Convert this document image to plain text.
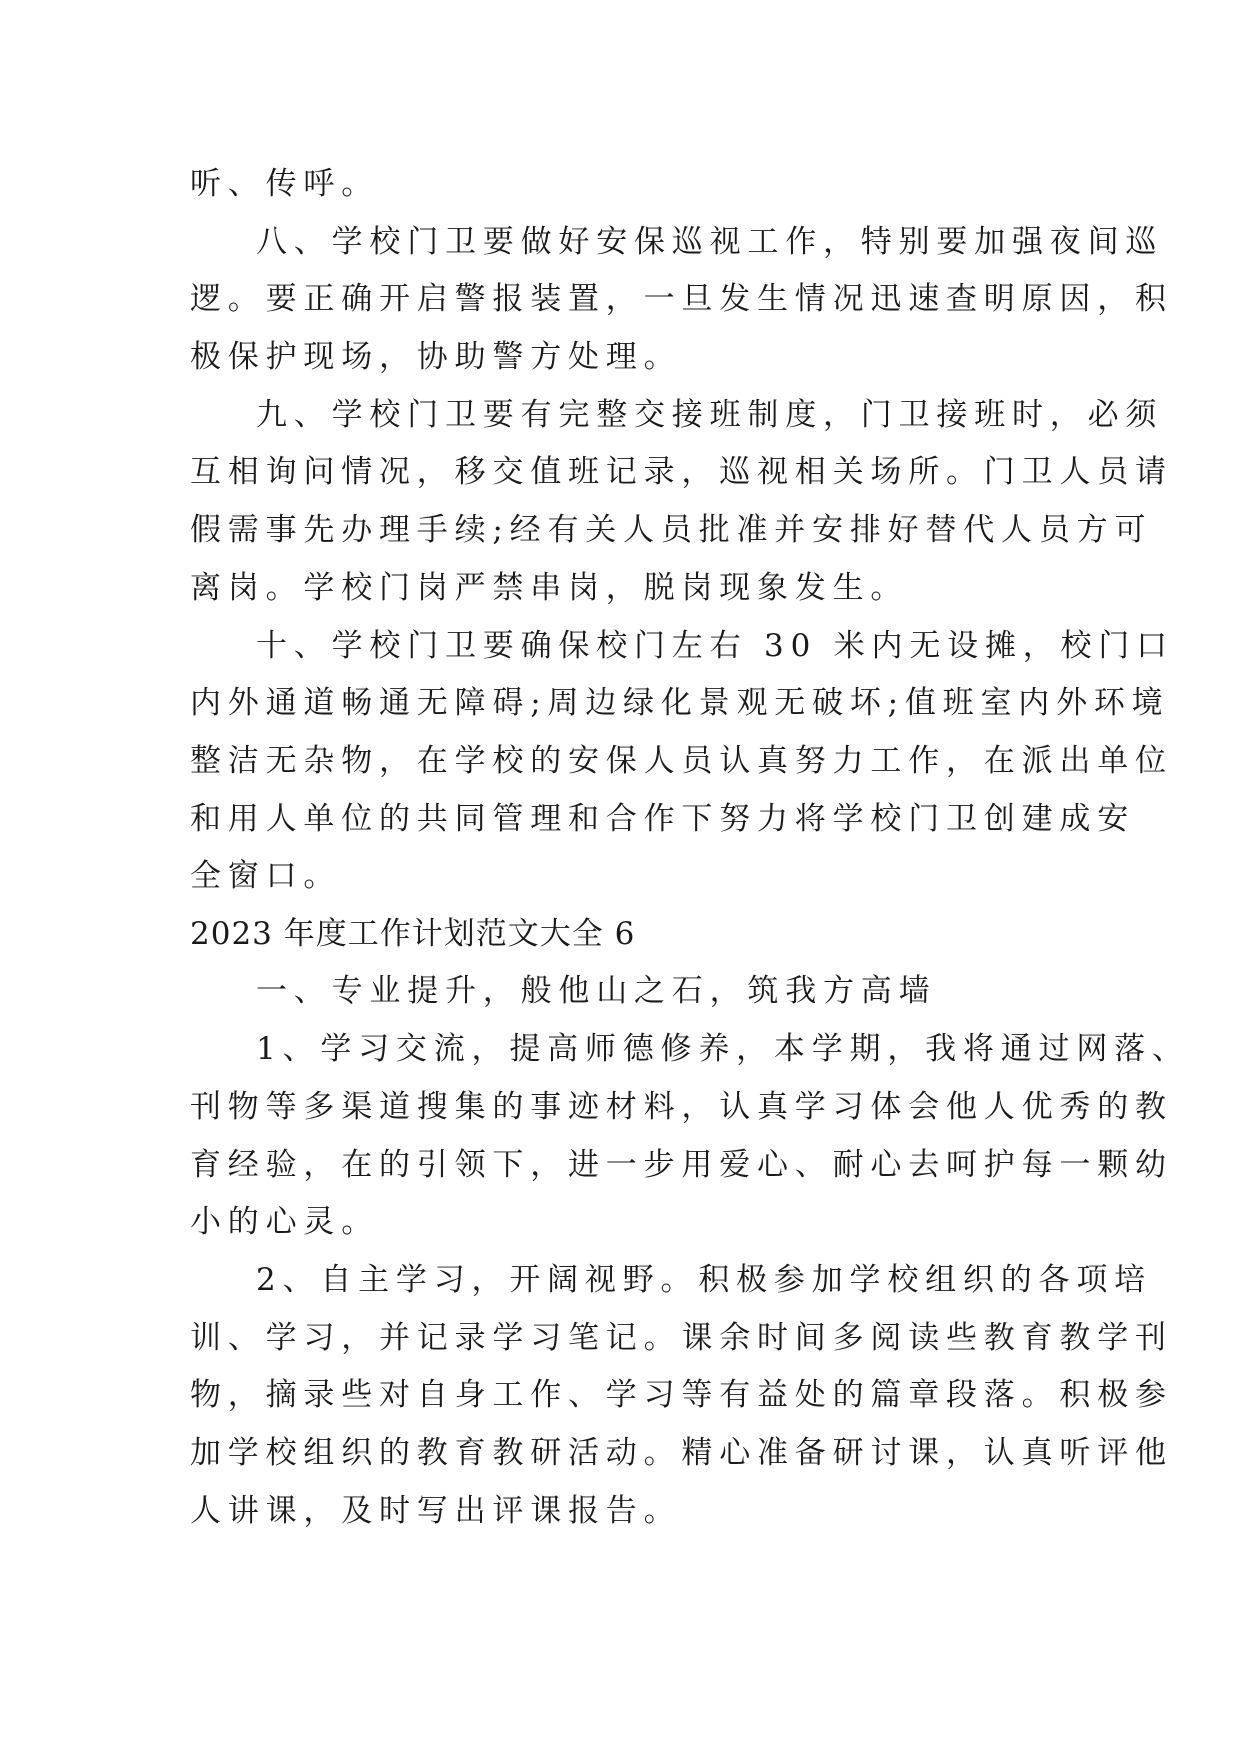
听、传呼。
八、学校门卫要做好安保巡视工作，特别要加强夜间巡
逻。要正确开启警报装置，一旦发生情况迅速查明原因，积
极保护现场，协助警方处理。
九、学校门卫要有完整交接班制度，门卫接班时，必须
互相询问情况，移交值班记录，巡视相关场所。门卫人员请
假需事先办理手续;经有关人员批准并安排好替代人员方可
离岗。学校门岗严禁串岗，脱岗现象发生。
十、学校门卫要确保校门左右 30 米内无设摊，校门口
内外通道畅通无障碍;周边绿化景观无破坏;值班室内外环境
整洁无杂物，在学校的安保人员认真努力工作，在派出单位
和用人单位的共同管理和合作下努力将学校门卫创建成安
全窗口。
2023 年度工作计划范文大全 6
一、专业提升，般他山之石，筑我方高墙
1、学习交流，提高师德修养，本学期，我将通过网落、
刊物等多渠道搜集的事迹材料，认真学习体会他人优秀的教
育经验，在的引领下，进一步用爱心、耐心去呵护每一颗幼
小的心灵。
2、自主学习，开阔视野。积极参加学校组织的各项培
训、学习，并记录学习笔记。课余时间多阅读些教育教学刊
物，摘录些对自身工作、学习等有益处的篇章段落。积极参
加学校组织的教育教研活动。精心准备研讨课，认真听评他
人讲课，及时写出评课报告。
